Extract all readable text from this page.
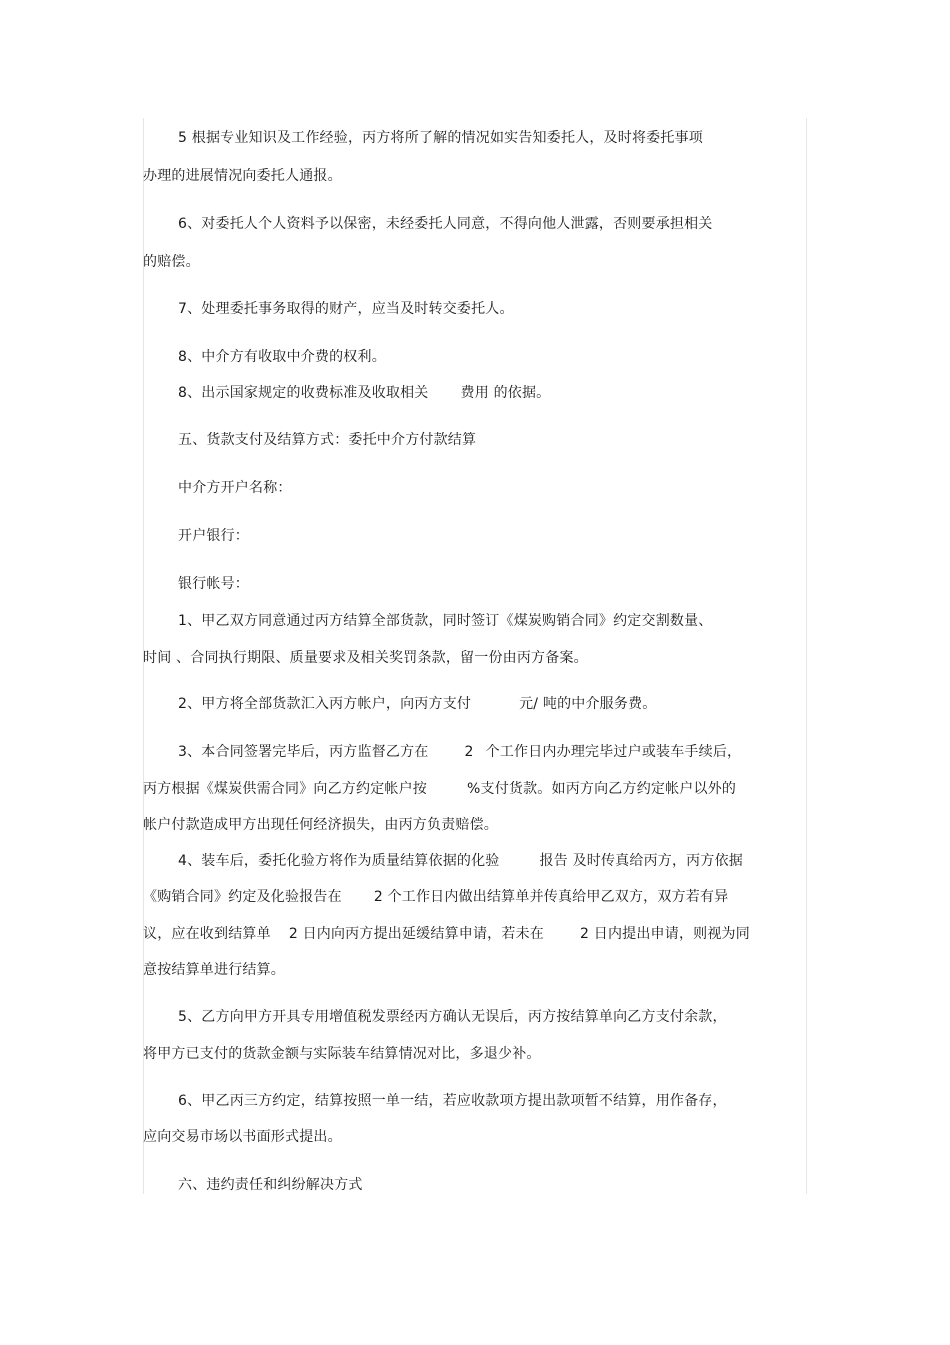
5 根据专业知识及工作经验，丙方将所了解的情况如实告知委托人，及时将委托事项
办理的进展情况向委托人通报。
6、对委托人个人资料予以保密，未经委托人同意，不得向他人泄露，否则要承担相关
的赔偿。
7、处理委托事务取得的财产，应当及时转交委托人。
8、中介方有收取中介费的权利。
8、出示国家规定的收费标准及收取相关 费用 的依据。
五、货款支付及结算方式：委托中介方付款结算
中介方开户名称：
开户银行：
银行帐号：
1、甲乙双方同意通过丙方结算全部货款，同时签订《煤炭购销合同》约定交割数量、
时间 、合同执行期限、质量要求及相关奖罚条款，留一份由丙方备案。
2、甲方将全部货款汇入丙方帐户，向丙方支付	元/ 吨的中介服务费。
3、本合同签署完毕后，丙方监督乙方在	2 个工作日内办理完毕过户或装车手续后，
丙方根据《煤炭供需合同》向乙方约定帐户按	%支付货款。如丙方向乙方约定帐户以外的
帐户付款造成甲方出现任何经济损失，由丙方负责赔偿。
4、装车后，委托化验方将作为质量结算依据的化验	报告 及时传真给丙方，丙方依据
《购销合同》约定及化验报告在 2 个工作日内做出结算单并传真给甲乙双方，双方若有异
议，应在收到结算单 2 日内向丙方提出延缓结算申请，若未在	2 日内提出申请，则视为同
意按结算单进行结算。
5、乙方向甲方开具专用增值税发票经丙方确认无误后，丙方按结算单向乙方支付余款，
将甲方已支付的货款金额与实际装车结算情况对比，多退少补。
6、甲乙丙三方约定，结算按照一单一结，若应收款项方提出款项暂不结算，用作备存，
应向交易市场以书面形式提出。
六、违约责任和纠纷解决方式
